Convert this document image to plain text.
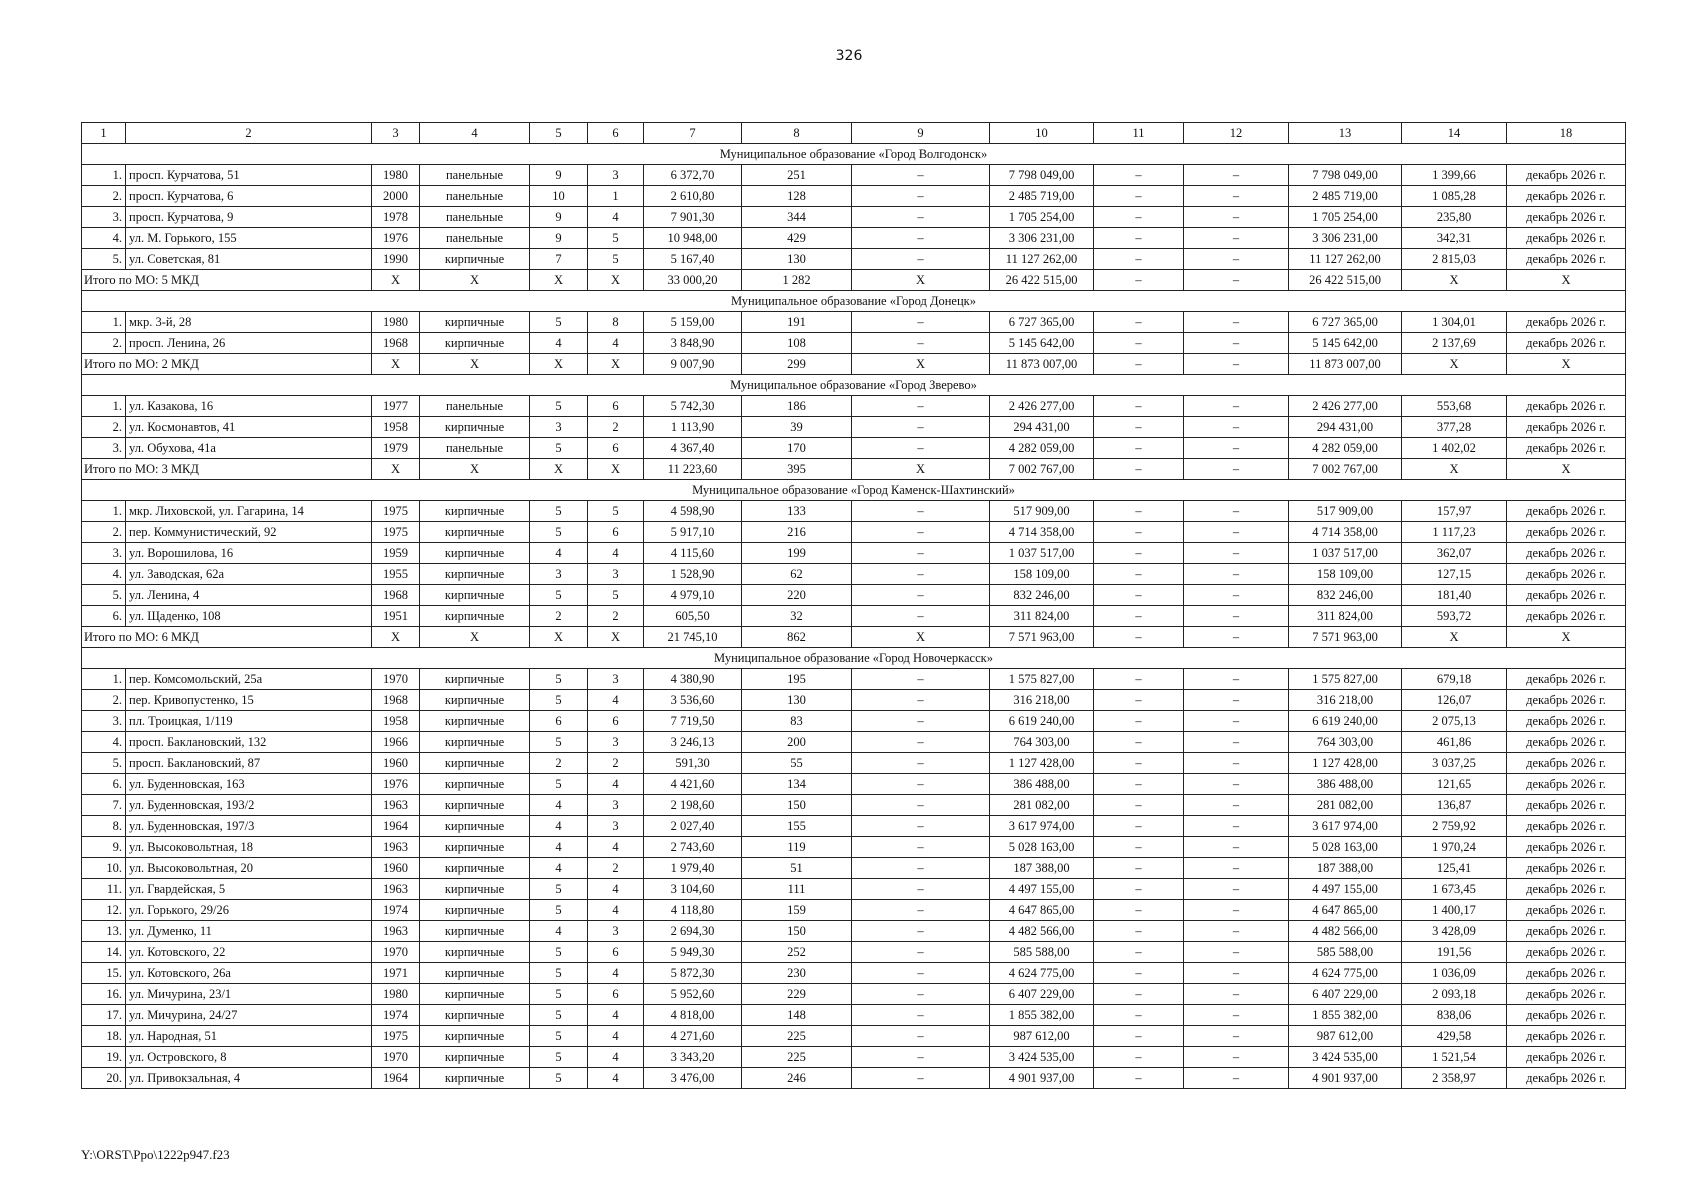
326
1	2	3	4	5	6	7	8	9	10	11	12	13	14	18
Муниципальное образование «Город Волгодонск»														
1.	просп. Курчатова, 51	1980	панельные	9	3	6 372,70	251	–	7 798 049,00	–	–	7 798 049,00	1 399,66	декабрь 2026 г.
2.	просп. Курчатова, 6	2000	панельные	10	1	2 610,80	128	–	2 485 719,00	–	–	2 485 719,00	1 085,28	декабрь 2026 г.
3.	просп. Курчатова, 9	1978	панельные	9	4	7 901,30	344	–	1 705 254,00	–	–	1 705 254,00	235,80	декабрь 2026 г.
4.	ул. М. Горького, 155	1976	панельные	9	5	10 948,00	429	–	3 306 231,00	–	–	3 306 231,00	342,31	декабрь 2026 г.
5.	ул. Советская, 81	1990	кирпичные	7	5	5 167,40	130	–	11 127 262,00	–	–	11 127 262,00	2 815,03	декабрь 2026 г.
Итого по МО: 5 МКД		X	X	X	X	33 000,20	1 282	X	26 422 515,00	–	–	26 422 515,00	X	X
Муниципальное образование «Город Донецк»														
1.	мкр. 3-й, 28	1980	кирпичные	5	8	5 159,00	191	–	6 727 365,00	–	–	6 727 365,00	1 304,01	декабрь 2026 г.
2.	просп. Ленина, 26	1968	кирпичные	4	4	3 848,90	108	–	5 145 642,00	–	–	5 145 642,00	2 137,69	декабрь 2026 г.
Итого по МО: 2 МКД		X	X	X	X	9 007,90	299	X	11 873 007,00	–	–	11 873 007,00	X	X
Муниципальное образование «Город Зверево»														
1.	ул. Казакова, 16	1977	панельные	5	6	5 742,30	186	–	2 426 277,00	–	–	2 426 277,00	553,68	декабрь 2026 г.
2.	ул. Космонавтов, 41	1958	кирпичные	3	2	1 113,90	39	–	294 431,00	–	–	294 431,00	377,28	декабрь 2026 г.
3.	ул. Обухова, 41а	1979	панельные	5	6	4 367,40	170	–	4 282 059,00	–	–	4 282 059,00	1 402,02	декабрь 2026 г.
Итого по МО: 3 МКД		X	X	X	X	11 223,60	395	X	7 002 767,00	–	–	7 002 767,00	X	X
Муниципальное образование «Город Каменск-Шахтинский»														
1.	мкр. Лиховской, ул. Гагарина, 14	1975	кирпичные	5	5	4 598,90	133	–	517 909,00	–	–	517 909,00	157,97	декабрь 2026 г.
2.	пер. Коммунистический, 92	1975	кирпичные	5	6	5 917,10	216	–	4 714 358,00	–	–	4 714 358,00	1 117,23	декабрь 2026 г.
3.	ул. Ворошилова, 16	1959	кирпичные	4	4	4 115,60	199	–	1 037 517,00	–	–	1 037 517,00	362,07	декабрь 2026 г.
4.	ул. Заводская, 62а	1955	кирпичные	3	3	1 528,90	62	–	158 109,00	–	–	158 109,00	127,15	декабрь 2026 г.
5.	ул. Ленина, 4	1968	кирпичные	5	5	4 979,10	220	–	832 246,00	–	–	832 246,00	181,40	декабрь 2026 г.
6.	ул. Щаденко, 108	1951	кирпичные	2	2	605,50	32	–	311 824,00	–	–	311 824,00	593,72	декабрь 2026 г.
Итого по МО: 6 МКД		X	X	X	X	21 745,10	862	X	7 571 963,00	–	–	7 571 963,00	X	X
Муниципальное образование «Город Новочеркасск»														
1.	пер. Комсомольский, 25а	1970	кирпичные	5	3	4 380,90	195	–	1 575 827,00	–	–	1 575 827,00	679,18	декабрь 2026 г.
2.	пер. Кривопустенко, 15	1968	кирпичные	5	4	3 536,60	130	–	316 218,00	–	–	316 218,00	126,07	декабрь 2026 г.
3.	пл. Троицкая, 1/119	1958	кирпичные	6	6	7 719,50	83	–	6 619 240,00	–	–	6 619 240,00	2 075,13	декабрь 2026 г.
4.	просп. Баклановский, 132	1966	кирпичные	5	3	3 246,13	200	–	764 303,00	–	–	764 303,00	461,86	декабрь 2026 г.
5.	просп. Баклановский, 87	1960	кирпичные	2	2	591,30	55	–	1 127 428,00	–	–	1 127 428,00	3 037,25	декабрь 2026 г.
6.	ул. Буденновская, 163	1976	кирпичные	5	4	4 421,60	134	–	386 488,00	–	–	386 488,00	121,65	декабрь 2026 г.
7.	ул. Буденновская, 193/2	1963	кирпичные	4	3	2 198,60	150	–	281 082,00	–	–	281 082,00	136,87	декабрь 2026 г.
8.	ул. Буденновская, 197/3	1964	кирпичные	4	3	2 027,40	155	–	3 617 974,00	–	–	3 617 974,00	2 759,92	декабрь 2026 г.
9.	ул. Высоковольтная, 18	1963	кирпичные	4	4	2 743,60	119	–	5 028 163,00	–	–	5 028 163,00	1 970,24	декабрь 2026 г.
10.	ул. Высоковольтная, 20	1960	кирпичные	4	2	1 979,40	51	–	187 388,00	–	–	187 388,00	125,41	декабрь 2026 г.
11.	ул. Гвардейская, 5	1963	кирпичные	5	4	3 104,60	111	–	4 497 155,00	–	–	4 497 155,00	1 673,45	декабрь 2026 г.
12.	ул. Горького, 29/26	1974	кирпичные	5	4	4 118,80	159	–	4 647 865,00	–	–	4 647 865,00	1 400,17	декабрь 2026 г.
13.	ул. Думенко, 11	1963	кирпичные	4	3	2 694,30	150	–	4 482 566,00	–	–	4 482 566,00	3 428,09	декабрь 2026 г.
14.	ул. Котовского, 22	1970	кирпичные	5	6	5 949,30	252	–	585 588,00	–	–	585 588,00	191,56	декабрь 2026 г.
15.	ул. Котовского, 26а	1971	кирпичные	5	4	5 872,30	230	–	4 624 775,00	–	–	4 624 775,00	1 036,09	декабрь 2026 г.
16.	ул. Мичурина, 23/1	1980	кирпичные	5	6	5 952,60	229	–	6 407 229,00	–	–	6 407 229,00	2 093,18	декабрь 2026 г.
17.	ул. Мичурина, 24/27	1974	кирпичные	5	4	4 818,00	148	–	1 855 382,00	–	–	1 855 382,00	838,06	декабрь 2026 г.
18.	ул. Народная, 51	1975	кирпичные	5	4	4 271,60	225	–	987 612,00	–	–	987 612,00	429,58	декабрь 2026 г.
19.	ул. Островского, 8	1970	кирпичные	5	4	3 343,20	225	–	3 424 535,00	–	–	3 424 535,00	1 521,54	декабрь 2026 г.
20.	ул. Привокзальная, 4	1964	кирпичные	5	4	3 476,00	246	–	4 901 937,00	–	–	4 901 937,00	2 358,97	декабрь 2026 г.
Y:\ORST\Ppo\1222p947.f23
